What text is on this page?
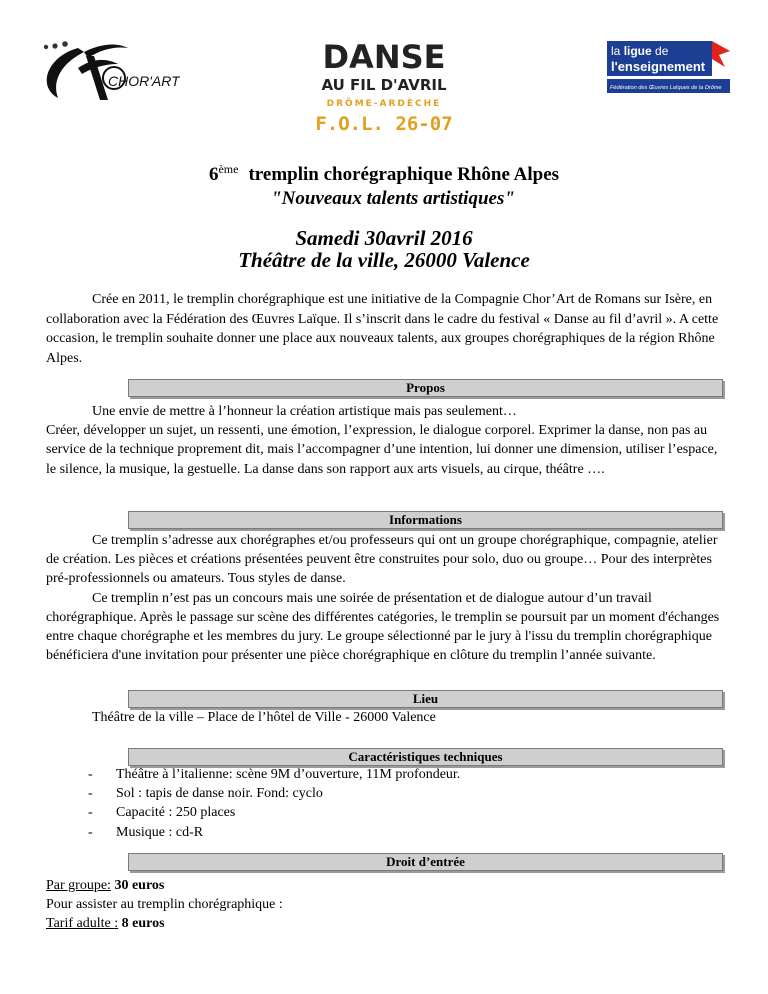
CHOR'ART
DANSE
AU FIL D'AVRIL
DRÔME-ARDÈCHE
F.O.L. 26-07
la ligue de
l'enseignement
Fédération des Œuvres Laïques de la Drôme
6ème tremplin chorégraphique Rhône Alpes
"Nouveaux talents artistiques"
Samedi 30avril 2016
Théâtre de la ville, 26000 Valence
Crée en 2011, le tremplin chorégraphique est une initiative de la Compagnie Chor’Art de Romans sur Isère, en collaboration avec la Fédération des Œuvres Laïque. Il s’inscrit dans le cadre du festival « Danse au fil d’avril ». A cette occasion, le tremplin souhaite donner une place aux nouveaux talents, aux groupes chorégraphiques de la région Rhône Alpes.
Propos

Une envie de mettre à l’honneur la création artistique mais pas seulement…

Créer, développer un sujet, un ressenti, une émotion, l’expression, le dialogue corporel. Exprimer la danse, non pas au service de la technique proprement dit, mais l’accompagner d’une intention, lui donner une dimension, utiliser l’espace, le silence, la musique, la gestuelle. La danse dans son rapport aux arts visuels, au cirque, théâtre ….

Informations

Ce tremplin s’adresse aux chorégraphes et/ou professeurs qui ont un groupe chorégraphique, compagnie, atelier de création. Les pièces et créations présentées peuvent être construites pour solo, duo ou groupe… Pour des interprètes pré-professionnels ou amateurs. Tous styles de danse.

Ce tremplin n’est pas un concours mais une soirée de présentation et de dialogue autour d’un travail chorégraphique. Après le passage sur scène des différentes catégories, le tremplin se poursuit par un moment d'échanges entre chaque chorégraphe et les membres du jury. Le groupe sélectionné par le jury à l'issu du tremplin chorégraphique bénéficiera d'une invitation pour présenter une pièce chorégraphique en clôture du tremplin l’année suivante.

Lieu

Théâtre de la ville – Place de l’hôtel de Ville - 26000 Valence

Caractéristiques techniques
- Théâtre à l’italienne: scène 9M d’ouverture, 11M profondeur.
- Sol : tapis de danse noir. Fond: cyclo
- Capacité : 250 places
- Musique : cd-R
Droit d’entrée

Par groupe: 30 euros

Pour assister au tremplin chorégraphique :

Tarif adulte : 8 euros
